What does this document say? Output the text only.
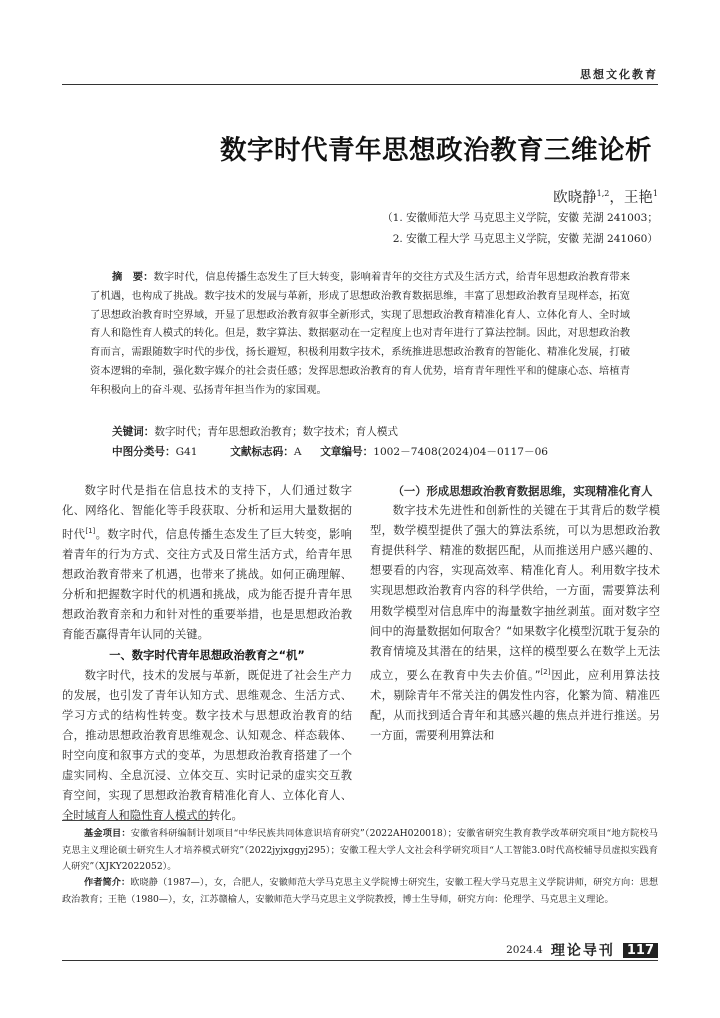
思想文化教育
数字时代青年思想政治教育三维论析
欧晓静$^{1,2}$，王艳$^1$
（1. 安徽师范大学 马克思主义学院，安徽 芜湖 241003；
2. 安徽工程大学 马克思主义学院，安徽 芜湖 241060）
摘　要：数字时代，信息传播生态发生了巨大转变，影响着青年的交往方式及生活方式，给青年思想政治教育带来了机遇，也构成了挑战。数字技术的发展与革新，形成了思想政治教育数据思维，丰富了思想政治教育呈现样态，拓宽了思想政治教育时空界域，开显了思想政治教育叙事全新形式，实现了思想政治教育精准化育人、立体化育人、全时域育人和隐性育人模式的转化。但是，数字算法、数据驱动在一定程度上也对青年进行了算法控制。因此，对思想政治教育而言，需跟随数字时代的步伐，扬长避短，积极利用数字技术，系统推进思想政治教育的智能化、精准化发展，打破资本逻辑的牵制，强化数字媒介的社会责任感；发挥思想政治教育的育人优势，培育青年理性平和的健康心态、培植青年积极向上的奋斗观、弘扬青年担当作为的家国观。
关键词：数字时代；青年思想政治教育；数字技术；育人模式
中图分类号：G41	文献标志码：A 文章编号：1002－7408(2024)04－0117－06

数字时代是指在信息技术的支持下，人们通过数字化、网络化、智能化等手段获取、分析和运用大量数据的时代[1]。数字时代，信息传播生态发生了巨大转变，影响着青年的行为方式、交往方式及日常生活方式，给青年思想政治教育带来了机遇，也带来了挑战。如何正确理解、分析和把握数字时代的机遇和挑战，成为能否提升青年思想政治教育亲和力和针对性的重要举措，也是思想政治教育能否赢得青年认同的关键。

一、数字时代青年思想政治教育之“机”

数字时代，技术的发展与革新，既促进了社会生产力的发展，也引发了青年认知方式、思维观念、生活方式、学习方式的结构性转变。数字技术与思想政治教育的结合，推动思想政治教育思维观念、认知观念、样态载体、时空向度和叙事方式的变革，为思想政治教育搭建了一个虚实同构、全息沉浸、立体交互、实时记录的虚实交互教育空间，实现了思想政治教育精准化育人、立体化育人、全时域育人和隐性育人模式的转化。

（一）形成思想政治教育数据思维，实现精准化育人

数字技术先进性和创新性的关键在于其背后的数学模型，数学模型提供了强大的算法系统，可以为思想政治教育提供科学、精准的数据匹配，从而推送用户感兴趣的、想要看的内容，实现高效率、精准化育人。利用数字技术实现思想政治教育内容的科学供给，一方面，需要算法利用数学模型对信息库中的海量数字抽丝剥茧。面对数字空间中的海量数据如何取舍？“如果数字化模型沉耽于复杂的教育情境及其潜在的结果，这样的模型要么在数学上无法成立，要么在教育中失去价值。”[2]因此，应利用算法技术，剔除青年不常关注的偶发性内容，化繁为简、精准匹配，从而找到适合青年和其感兴趣的焦点并进行推送。另一方面，需要利用算法和

基金项目：安徽省科研编制计划项目“中华民族共同体意识培育研究”（2022AH020018）；安徽省研究生教育教学改革研究项目“地方院校马克思主义理论硕士研究生人才培养模式研究”（2022jyjxggyj295）；安徽工程大学人文社会科学研究项目“人工智能3.0时代高校辅导员虚拟实践育人研究”（XJKY2022052）。
作者简介：欧晓静（1987—），女，合肥人，安徽师范大学马克思主义学院博士研究生，安徽工程大学马克思主义学院讲师，研究方向：思想政治教育；王艳（1980—），女，江苏赣榆人，安徽师范大学马克思主义学院教授，博士生导师，研究方向：伦理学、马克思主义理论。
2024.4 理论导刊 117
